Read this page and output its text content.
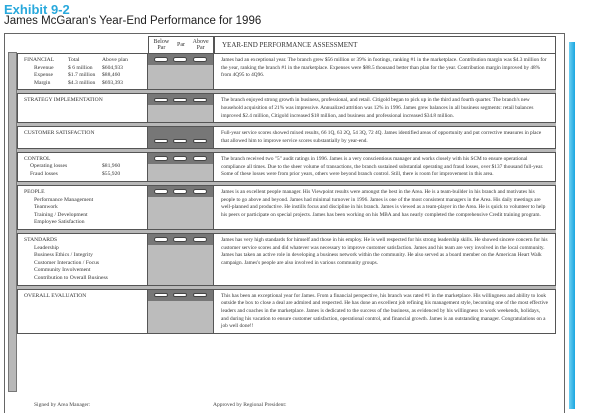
Exhibit 9-2
James McGaran's Year-End Performance for 1996
Below Par	Par Above Par	YEAR-END PERFORMANCE ASSESSMENT
FINANCIAL	Total	Above plan
Revenue	$ 6 million	$604,933
Expense	$1.7 million	$88,460
Margin	$4.3 million	$693,393
James had an exceptional year. The branch grew $56 million or 39% in footings, ranking #1 in the marketplace. Contribution margin was $4.3 million for the year, ranking the branch #1 in the marketplace. Expenses were $88.5 thousand better than plan for the year. Contribution margin improved by 48% from 4Q95 to 4Q96.
STRATEGY IMPLEMENTATION	The branch enjoyed strong growth in business, professional, and retail. Citigold began to pick up in the third and fourth quarter. The branch's new household acquisition of 21% was impressive. Annualized attrition was 12% in 1996. James grew balances in all business segments: retail balances improved $2.4 million, Citigold increased $18 million, and business and professional increased $34.8 million.
CUSTOMER SATISFACTION	Full-year service scores showed mixed results, 66 1Q, 63 2Q, 54 3Q, 72 4Q. James identified areas of opportunity and put corrective measures in place that allowed him to improve service scores substantially by year-end.
CONTROL
Operating losses	$81,960
Fraud losses	$55,920
The branch received two "5" audit ratings in 1996. James is a very conscientious manager and works closely with his SCM to ensure operational compliance all times. Due to the sheer volume of transactions, the branch sustained substantial operating and fraud losses, over $137 thousand full-year. Some of these losses were from prior years, others were beyond branch control. Still, there is room for improvement in this area.
PEOPLE
Performance Management
Teamwork
Training / Development
Employee Satisfaction
James is an excellent people manager. His Viewpoint results were amongst the best in the Area. He is a team-builder in his branch and motivates his people to go above and beyond. James had minimal turnover in 1996. James is one of the most consistent managers in the Area. His daily meetings are well-planned and productive. He instills focus and discipline in his branch. James is viewed as a team-player in the Area. He is quick to volunteer to help his peers or participate on special projects. James has been working on his MBA and has nearly completed the comprehensive Credit training program.
STANDARDS
Leadership
Business Ethics / Integrity
Customer Interaction / Focus
Community Involvement
Contribution to Overall Business
James has very high standards for himself and those in his employ. He is well respected for his strong leadership skills. He showed sincere concern for his customer service scores and did whatever was necessary to improve customer satisfaction. James and his team are very involved in the local community. James has taken an active role in developing a business network within the community. He also served as a board member on the American Heart Walk campaign. James's people are also involved in various community groups.
OVERALL EVALUATION	This has been an exceptional year for James. From a financial perspective, his branch was rated #1 in the marketplace. His willingness and ability to look outside the box to close a deal are admired and respected. He has done an excellent job refining his management style, becoming one of the most effective leaders and coaches in the marketplace. James is dedicated to the success of the business, as evidenced by his willingness to work weekends, holidays, and during his vacation to ensure customer satisfaction, operational control, and financial growth. James is an outstanding manager. Congratulations on a job well done!!
Signed by Area Manager:	Approved by Regional President:
